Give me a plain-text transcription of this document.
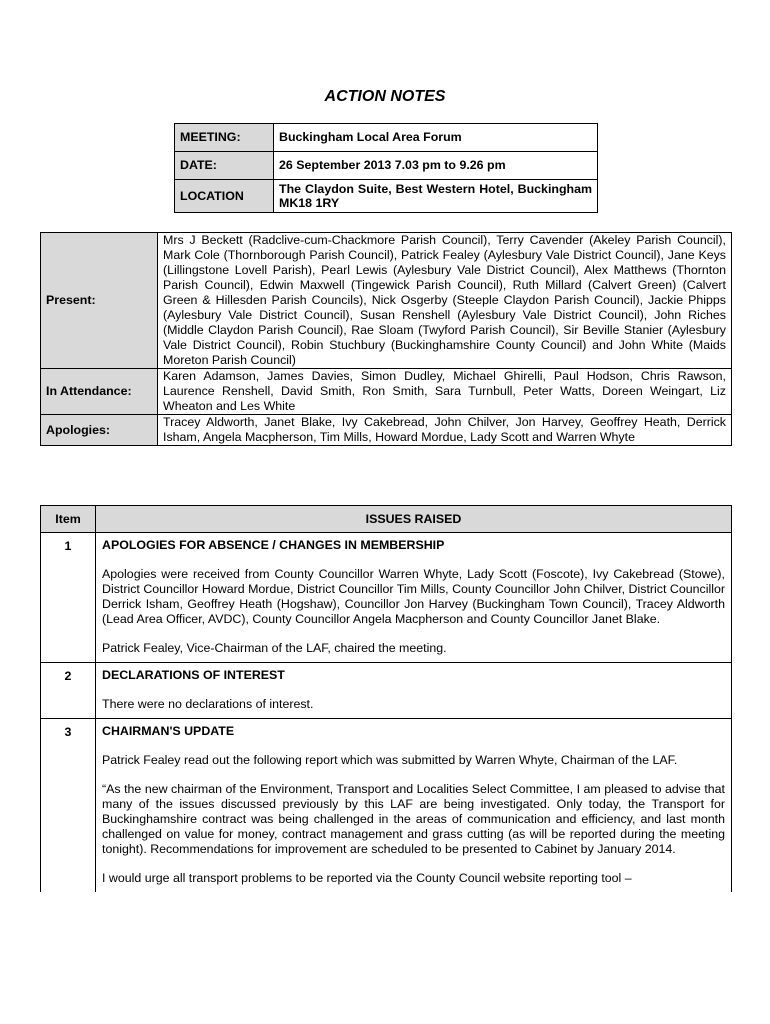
ACTION NOTES
MEETING:	Buckingham Local Area Forum
DATE:	26 September 2013 7.03 pm to 9.26 pm
LOCATION	The Claydon Suite, Best Western Hotel, Buckingham MK18 1RY
Present:	Mrs J Beckett (Radclive-cum-Chackmore Parish Council), Terry Cavender (Akeley Parish Council), Mark Cole (Thornborough Parish Council), Patrick Fealey (Aylesbury Vale District Council), Jane Keys (Lillingstone Lovell Parish), Pearl Lewis (Aylesbury Vale District Council), Alex Matthews (Thornton Parish Council), Edwin Maxwell (Tingewick Parish Council), Ruth Millard (Calvert Green) (Calvert Green & Hillesden Parish Councils), Nick Osgerby (Steeple Claydon Parish Council), Jackie Phipps (Aylesbury Vale District Council), Susan Renshell (Aylesbury Vale District Council), John Riches (Middle Claydon Parish Council), Rae Sloam (Twyford Parish Council), Sir Beville Stanier (Aylesbury Vale District Council), Robin Stuchbury (Buckinghamshire County Council) and John White (Maids Moreton Parish Council)
In Attendance:	Karen Adamson, James Davies, Simon Dudley, Michael Ghirelli, Paul Hodson, Chris Rawson, Laurence Renshell, David Smith, Ron Smith, Sara Turnbull, Peter Watts, Doreen Weingart, Liz Wheaton and Les White
Apologies:	Tracey Aldworth, Janet Blake, Ivy Cakebread, John Chilver, Jon Harvey, Geoffrey Heath, Derrick Isham, Angela Macpherson, Tim Mills, Howard Mordue, Lady Scott and Warren Whyte
Item	ISSUES RAISED
1	APOLOGIES FOR ABSENCE / CHANGES IN MEMBERSHIP

Apologies were received from County Councillor Warren Whyte, Lady Scott (Foscote), Ivy Cakebread (Stowe), District Councillor Howard Mordue, District Councillor Tim Mills, County Councillor John Chilver, District Councillor Derrick Isham, Geoffrey Heath (Hogshaw), Councillor Jon Harvey (Buckingham Town Council), Tracey Aldworth (Lead Area Officer, AVDC), County Councillor Angela Macpherson and County Councillor Janet Blake.

Patrick Fealey, Vice-Chairman of the LAF, chaired the meeting.

2	DECLARATIONS OF INTEREST

There were no declarations of interest.

3	CHAIRMAN'S UPDATE

Patrick Fealey read out the following report which was submitted by Warren Whyte, Chairman of the LAF.

“As the new chairman of the Environment, Transport and Localities Select Committee, I am pleased to advise that many of the issues discussed previously by this LAF are being investigated. Only today, the Transport for Buckinghamshire contract was being challenged in the areas of communication and efficiency, and last month challenged on value for money, contract management and grass cutting (as will be reported during the meeting tonight). Recommendations for improvement are scheduled to be presented to Cabinet by January 2014.

I would urge all transport problems to be reported via the County Council website reporting tool –
